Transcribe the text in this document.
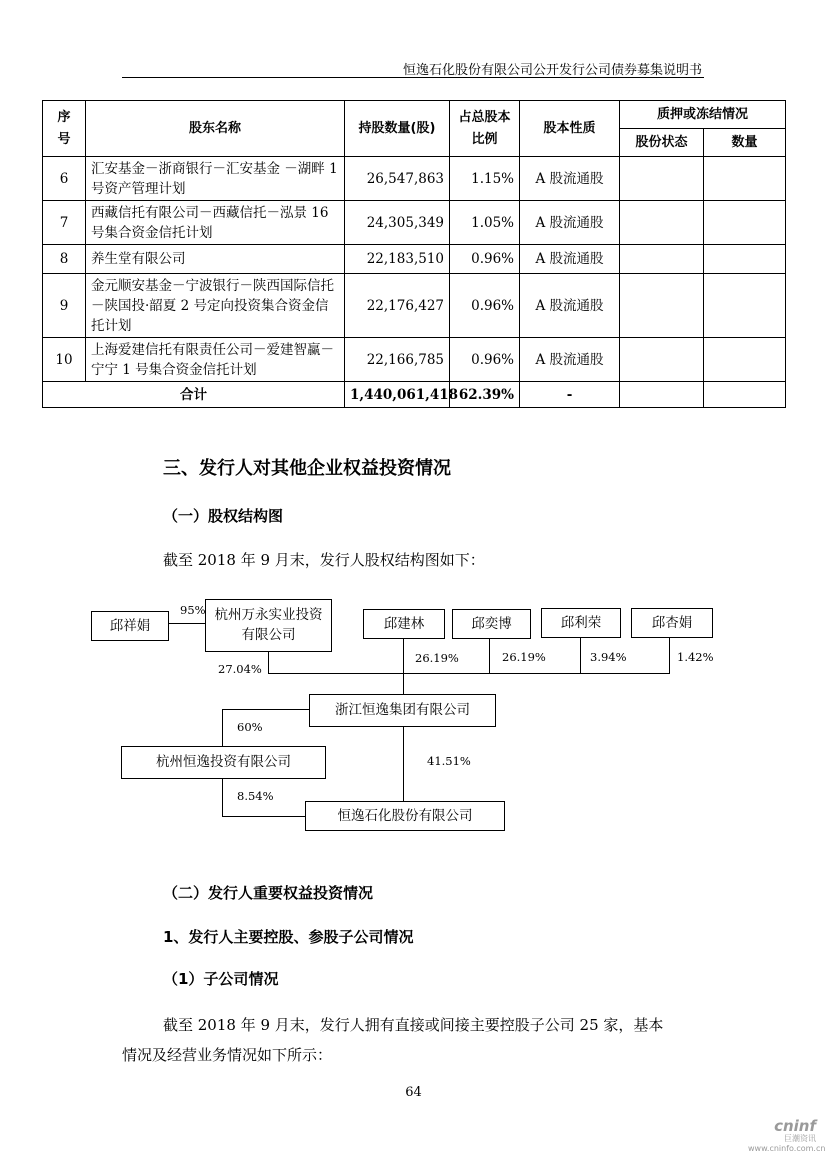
恒逸石化股份有限公司公开发行公司债券募集说明书
序号	股东名称	持股数量(股)	占总股本比例	股本性质	质押或冻结情况	
					股份状态	数量
6	汇安基金－浙商银行－汇安基金 －湖畔 1 号资产管理计划	26,547,863	1.15%	A 股流通股		
7	西藏信托有限公司－西藏信托－泓景 16 号集合资金信托计划	24,305,349	1.05%	A 股流通股		
8	养生堂有限公司	22,183,510	0.96%	A 股流通股		
9	金元顺安基金－宁波银行－陕西国际信托－陕国投·韶夏 2 号定向投资集合资金信托计划	22,176,427	0.96%	A 股流通股		
10	上海爱建信托有限责任公司－爱建智赢－宁宁 1 号集合资金信托计划	22,166,785	0.96%	A 股流通股		
合计		1,440,061,418	62.39%	-		
三、发行人对其他企业权益投资情况
（一）股权结构图
截至 2018 年 9 月末，发行人股权结构图如下：
邱祥娟
杭州万永实业投资有限公司
邱建林	邱奕博	邱利荣	邱杏娟
浙江恒逸集团有限公司
杭州恒逸投资有限公司
恒逸石化股份有限公司
95%
27.04%
26.19%	26.19%	3.94%	1.42%
60%
41.51%
8.54%
（二）发行人重要权益投资情况
1、发行人主要控股、参股子公司情况
（1）子公司情况
截至 2018 年 9 月末，发行人拥有直接或间接主要控股子公司 25 家，基本
情况及经营业务情况如下所示：
64
cninf
巨潮资讯
www.cninfo.com.cn
